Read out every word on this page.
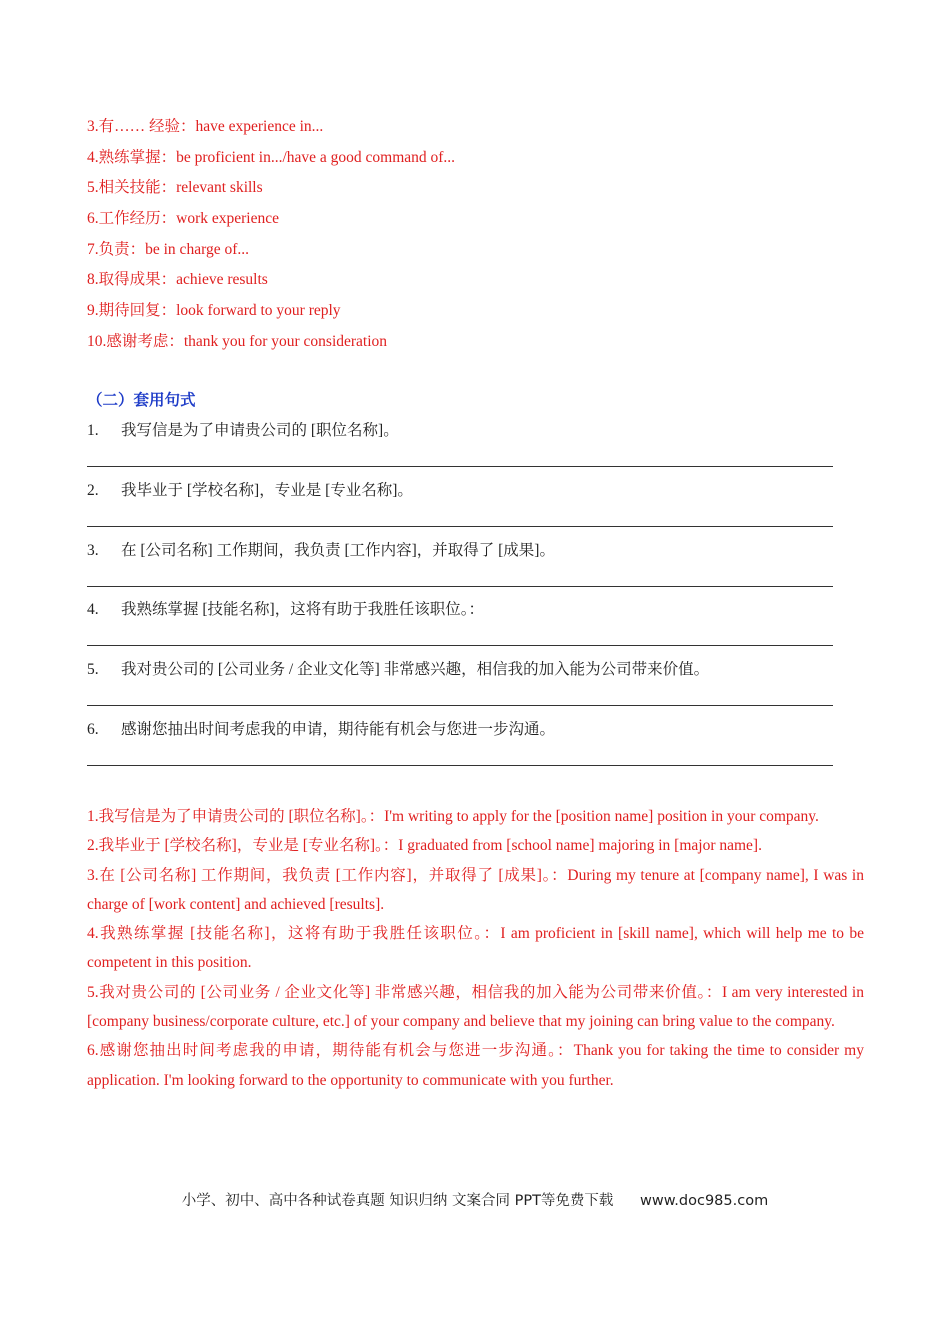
3.有…… 经验：have experience in...
4.熟练掌握：be proficient in.../have a good command of...
5.相关技能：relevant skills
6.工作经历：work experience
7.负责：be in charge of...
8.取得成果：achieve results
9.期待回复：look forward to your reply
10.感谢考虑：thank you for your consideration
（二）套用句式
1. 我写信是为了申请贵公司的 [职位名称]。
2. 我毕业于 [学校名称]，专业是 [专业名称]。
3. 在 [公司名称] 工作期间，我负责 [工作内容]，并取得了 [成果]。
4. 我熟练掌握 [技能名称]，这将有助于我胜任该职位。：
5. 我对贵公司的 [公司业务 / 企业文化等] 非常感兴趣，相信我的加入能为公司带来价值。
6. 感谢您抽出时间考虑我的申请，期待能有机会与您进一步沟通。

1.我写信是为了申请贵公司的 [职位名称]。：I'm writing to apply for the [position name] position in your company.

2.我毕业于 [学校名称]，专业是 [专业名称]。：I graduated from [school name] majoring in [major name].

3.在 [公司名称] 工作期间，我负责 [工作内容]，并取得了 [成果]。：During my tenure at [company name], I was in charge of [work content] and achieved [results].

4.我熟练掌握 [技能名称]，这将有助于我胜任该职位。：I am proficient in [skill name], which will help me to be competent in this position.

5.我对贵公司的 [公司业务 / 企业文化等] 非常感兴趣，相信我的加入能为公司带来价值。：I am very interested in [company business/corporate culture, etc.] of your company and believe that my joining can bring value to the company.

6.感谢您抽出时间考虑我的申请，期待能有机会与您进一步沟通。：Thank you for taking the time to consider my application. I'm looking forward to the opportunity to communicate with you further.

小学、初中、高中各种试卷真题 知识归纳 文案合同 PPT等免费下载 www.doc985.com
